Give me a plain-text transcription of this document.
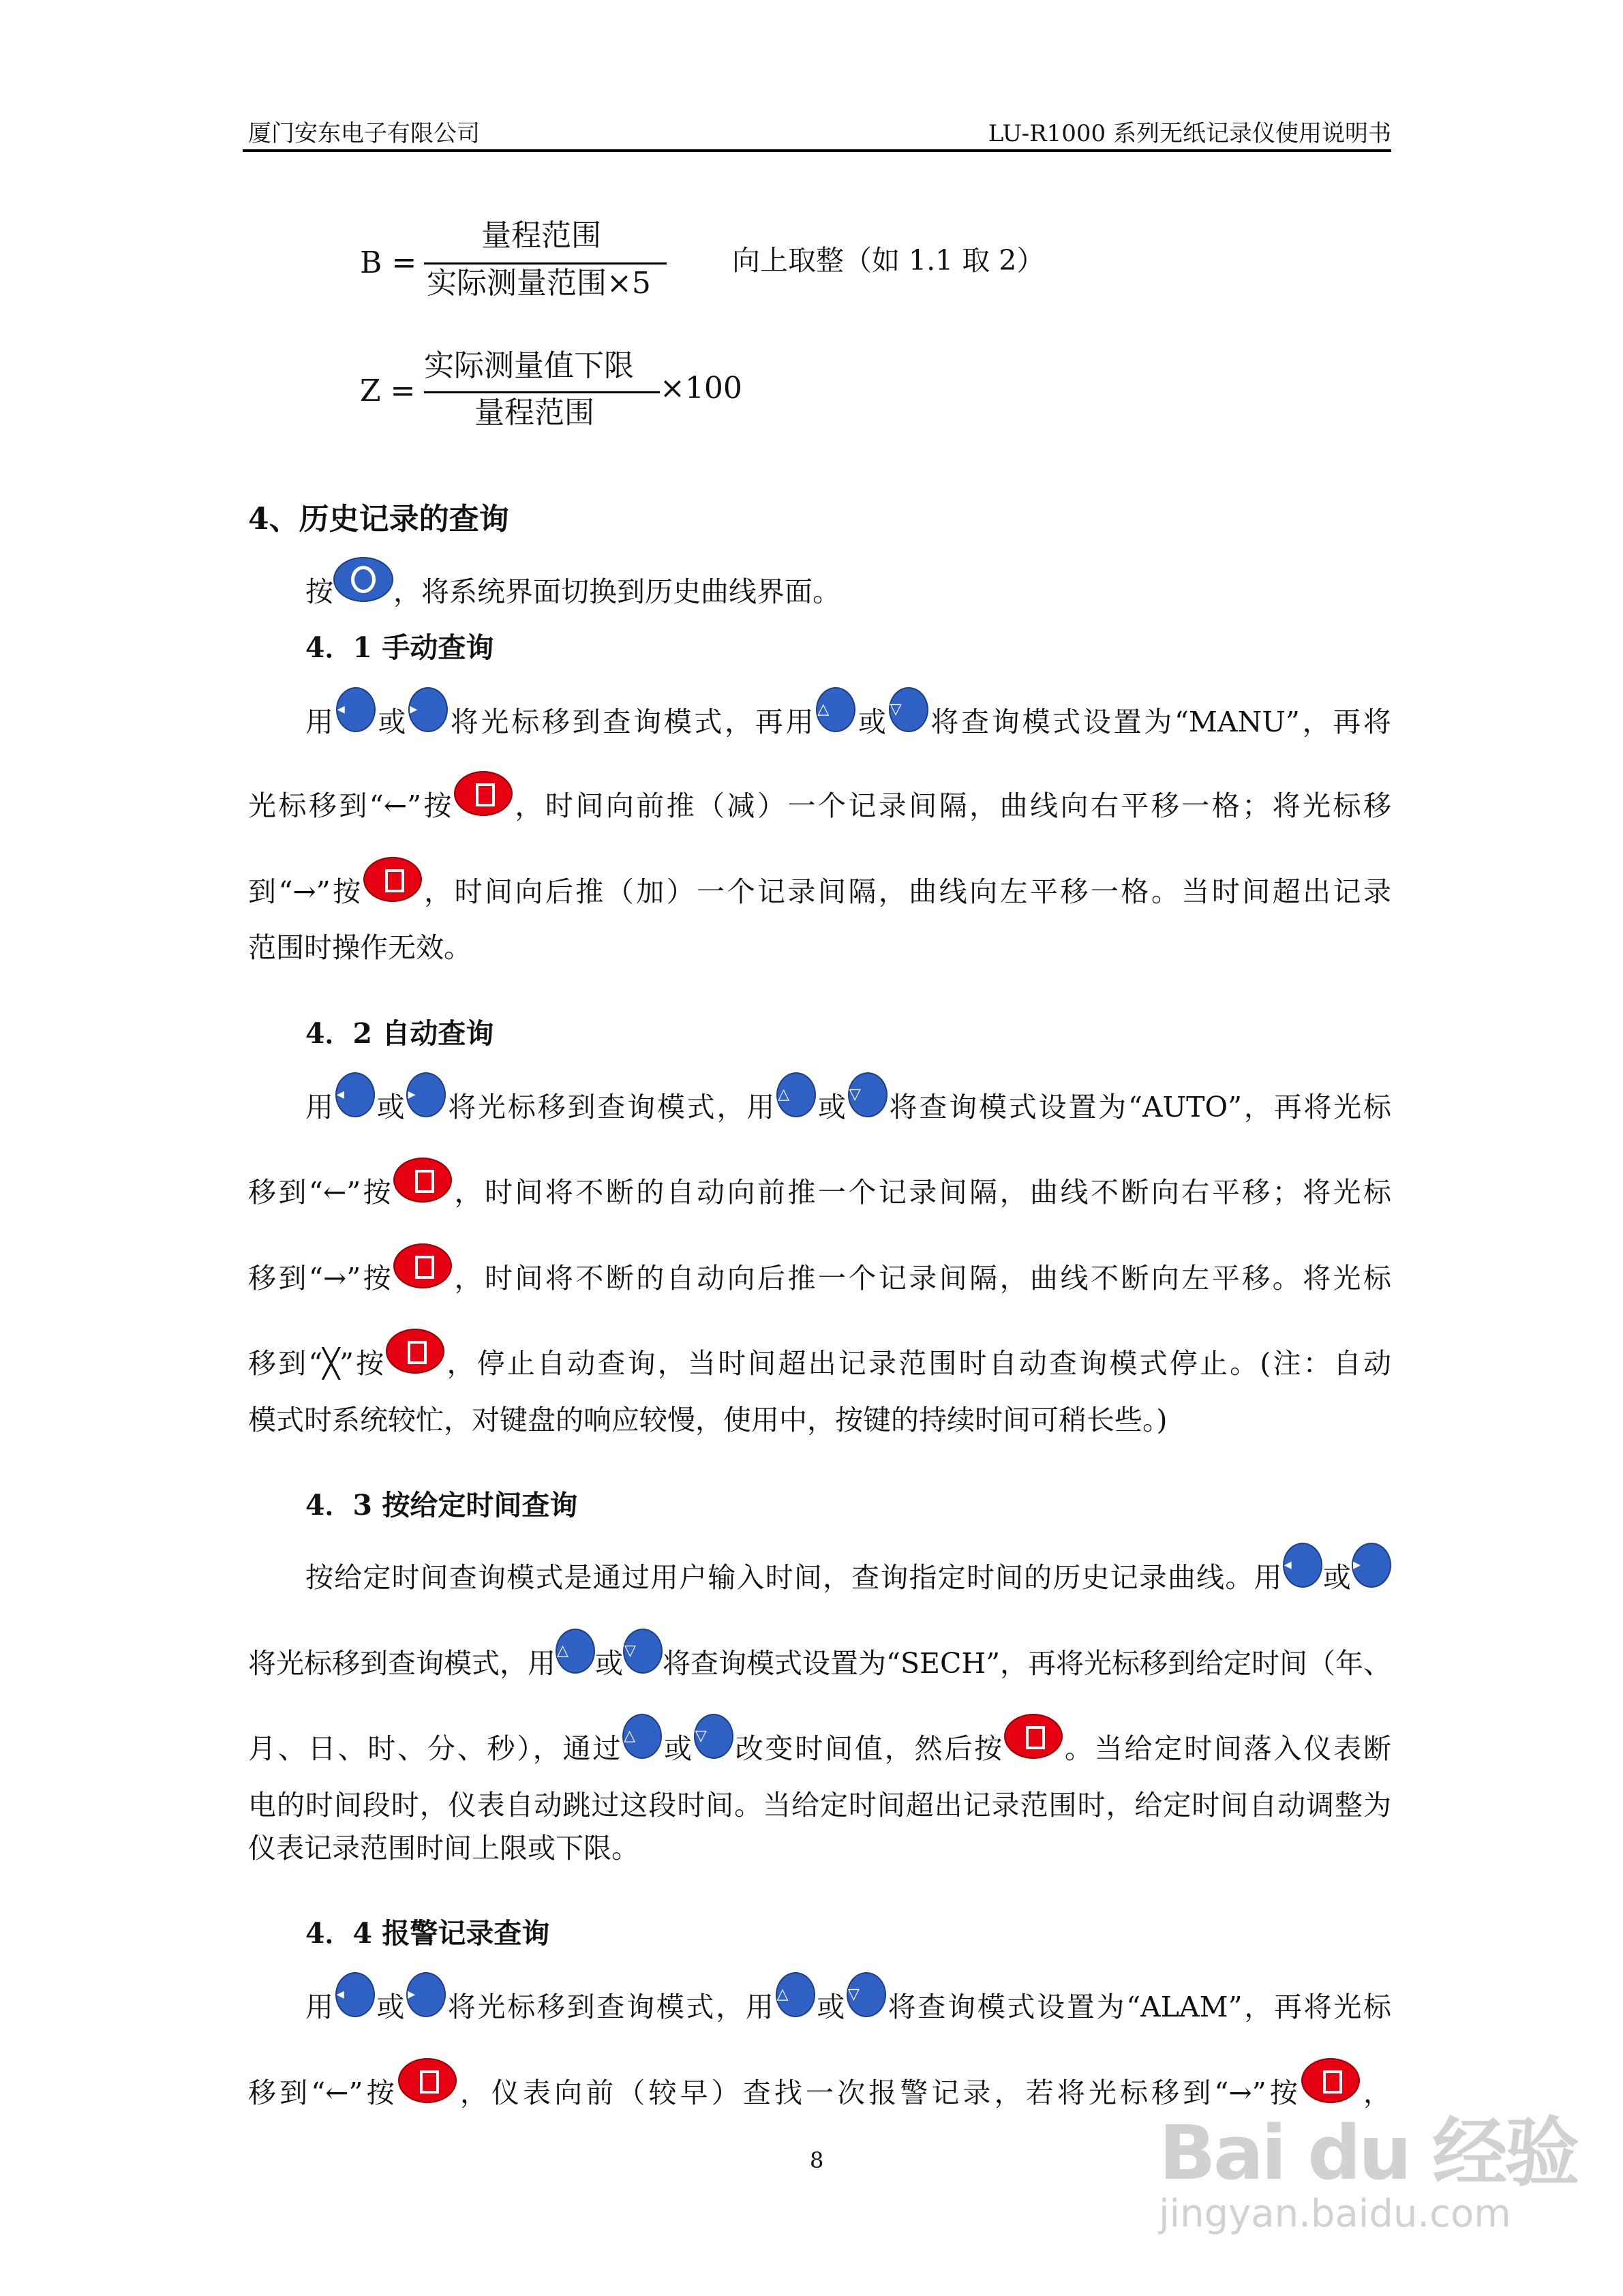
厦门安东电子有限公司	LU-R1000 系列无纸记录仪使用说明书
B =
量程范围
实际测量范围×5
向上取整（如 1.1 取 2）
Z =
实际测量值下限
量程范围
×100
4、历史记录的查询
按 ，将系统界面切换到历史曲线界面。
4．1 手动查询
用◂ 或▸ 将光标移到查询模式，再用△ 或▽ 将查询模式设置为“MANU”，再将
光标移到“←”按 ，时间向前推（减）一个记录间隔，曲线向右平移一格；将光标移
到“→”按 ，时间向后推（加）一个记录间隔，曲线向左平移一格。当时间超出记录
范围时操作无效。
4．2 自动查询
用◂ 或▸ 将光标移到查询模式，用△ 或▽ 将查询模式设置为“AUTO”，再将光标
移到“←”按 ，时间将不断的自动向前推一个记录间隔，曲线不断向右平移；将光标
移到“→”按 ，时间将不断的自动向后推一个记录间隔，曲线不断向左平移。将光标
移到“╳”按 ，停止自动查询，当时间超出记录范围时自动查询模式停止。(注：自动
模式时系统较忙，对键盘的响应较慢，使用中，按键的持续时间可稍长些。)
4．3 按给定时间查询
按给定时间查询模式是通过用户输入时间，查询指定时间的历史记录曲线。用◂ 或▸
将光标移到查询模式，用△ 或▽ 将查询模式设置为“SECH”，再将光标移到给定时间（年、
月、日、时、分、秒），通过△ 或▽ 改变时间值，然后按 。当给定时间落入仪表断
电的时间段时，仪表自动跳过这段时间。当给定时间超出记录范围时，给定时间自动调整为
仪表记录范围时间上限或下限。
4．4 报警记录查询
用◂ 或▸ 将光标移到查询模式，用△ 或▽ 将查询模式设置为“ALAM”，再将光标
移到“←”按 ，仪表向前（较早）查找一次报警记录，若将光标移到“→”按 ，
8	Bai du 经验
jingyan.baidu.com
